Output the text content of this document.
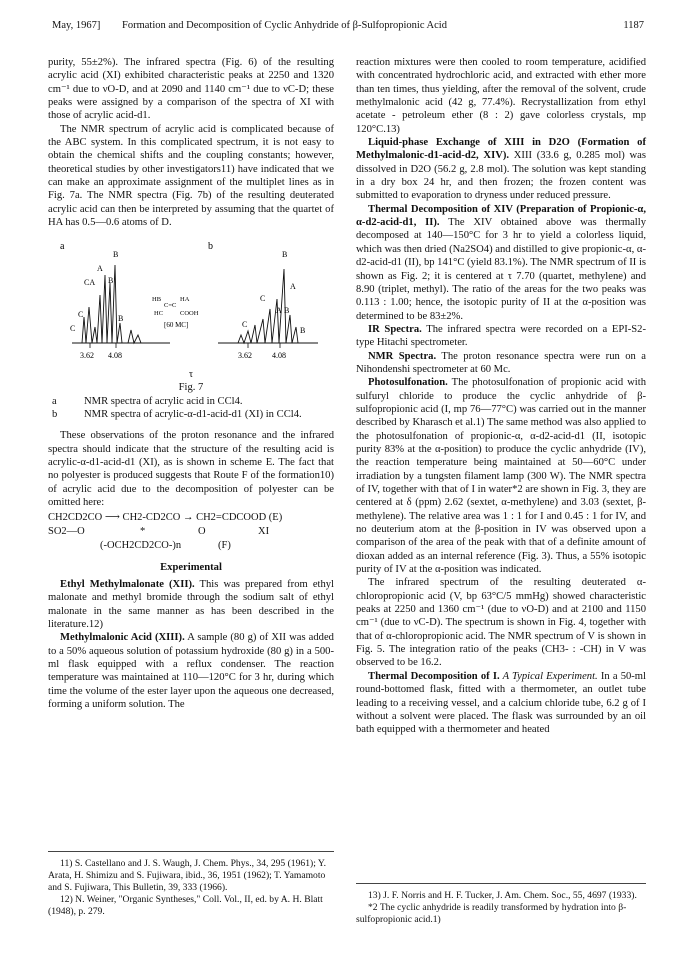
May, 1967] Formation and Decomposition of Cyclic Anhydride of β-Sulfopropionic Acid	1187

purity, 55±2%). The infrared spectra (Fig. 6) of the resulting acrylic acid (XI) exhibited characteristic peaks at 2250 and 1320 cm⁻¹ due to νO-D, and at 2090 and 1140 cm⁻¹ due to νC-D; these peaks were assigned by a comparison of the spectra of XI with those of acrylic acid-d1.

The NMR spectrum of acrylic acid is complicated because of the ABC system. In this complicated spectrum, it is not easy to obtain the chemical shifts and the coupling constants; however, theoretical studies by other investigators11) have indicated that we can make an approximate assignment of the multiplet lines as in Fig. 7a. The NMR spectra (Fig. 7b) of the resulting deuterated acrylic acid can then be interpreted by assuming that the quartet of HA has 0.5—0.6 atoms of D.

a	b
CA
A
B
B
C
C
B
HB
C=C
HA
HC	COOH
[60 MC]
B
A
C
A B
C
B
3.62 4.08	3.62	4.08
τ
Fig. 7
a	NMR spectra of acrylic acid in CCl4.
b	NMR spectra of acrylic-α-d1-acid-d1 (XI) in CCl4.

These observations of the proton resonance and the infrared spectra should indicate that the structure of the resulting acid is acrylic-α-d1-acid-d1 (XI), as is shown in scheme E. The fact that no polyester is produced suggests that Route F of the formation10) of acrylic acid due to the decomposition of polyester can be omitted here:

CH2CD2CO ⟶ CH2-CD2CO → CH2=CDCOOD (E)
SO2—O	*	O	XI
(-OCH2CD2CO-)n	(F)
Experimental

Ethyl Methylmalonate (XII). This was prepared from ethyl malonate and methyl bromide through the sodium salt of ethyl malonate in the same manner as has been described in the literature.12)

Methylmalonic Acid (XIII). A sample (80 g) of XII was added to a 50% aqueous solution of potassium hydroxide (80 g) in a 500-ml flask equipped with a reflux condenser. The reaction temperature was maintained at 110—120°C for 3 hr, during which time the volume of the ester layer upon the aqueous one decreased, forming a uniform solution. The

11) S. Castellano and J. S. Waugh, J. Chem. Phys., 34, 295 (1961); Y. Arata, H. Shimizu and S. Fujiwara, ibid., 36, 1951 (1962); T. Yamamoto and S. Fujiwara, This Bulletin, 39, 333 (1966).

12) N. Weiner, "Organic Syntheses," Coll. Vol., II, ed. by A. H. Blatt (1948), p. 279.

reaction mixtures were then cooled to room temperature, acidified with concentrated hydrochloric acid, and extracted with ether more than ten times, thus yielding, after the removal of the solvent, crude methylmalonic acid (42 g, 77.4%). Recrystallization from ethyl acetate - petroleum ether (8 : 2) gave colorless crystals, mp 120°C.13)

Liquid-phase Exchange of XIII in D2O (Formation of Methylmalonic-d1-acid-d2, XIV). XIII (33.6 g, 0.285 mol) was dissolved in D2O (56.2 g, 2.8 mol). The solution was kept standing in a dry box 24 hr, and then frozen; the frozen content was submitted to evaporation to dryness under reduced pressure.

Thermal Decomposition of XIV (Preparation of Propionic-α, α-d2-acid-d1, II). The XIV obtained above was thermally decomposed at 140—150°C for 3 hr to yield a colorless liquid, which was then dried (Na2SO4) and distilled to give propionic-α, α-d2-acid-d1 (II), bp 141°C (yield 83.1%). The NMR spectrum of II is shown as Fig. 2; it is centered at τ 7.70 (quartet, methylene) and 8.90 (triplet, methyl). The ratio of the areas for the two peaks was 0.113 : 1.00; hence, the isotopic purity of II at the α-position was determined to be 83±2%.

IR Spectra. The infrared spectra were recorded on a EPI-S2-type Hitachi spectrometer.

NMR Spectra. The proton resonance spectra were run on a Nihondenshi spectrometer at 60 Mc.

Photosulfonation. The photosulfonation of propionic acid with sulfuryl chloride to produce the cyclic anhydride of β-sulfopropionic acid (I, mp 76—77°C) was carried out in the manner described by Kharasch et al.1) The same method was also applied to the photosulfonation of propionic-α, α-d2-acid-d1 (II, isotopic purity 83% at the α-position) to produce the cyclic anhydride (IV), the reaction temperature being maintained at 50—60°C under irradiation by a tungsten filament lamp (300 W). The NMR spectra of IV, together with that of I in water*2 are shown in Fig. 3, they are centered at δ (ppm) 2.62 (sextet, α-methylene) and 3.03 (sextet, β-methylene). The relative area was 1 : 1 for I and 0.45 : 1 for IV, and no deuterium atom at the β-position in IV was observed upon a comparison of the area of the peak with that of a definite amount of dioxan added as an internal reference (Fig. 3). Thus, a 55% isotopic purity of IV at the α-position was indicated.

The infrared spectrum of the resulting deuterated α-chloropropionic acid (V, bp 63°C/5 mmHg) showed characteristic peaks at 2250 and 1360 cm⁻¹ (due to νO-D) and at 2100 and 1150 cm⁻¹ (due to νC-D). The spectrum is shown in Fig. 4, together with that of α-chloropropionic acid. The NMR spectrum of V is shown in Fig. 5. The integration ratio of the peaks (CH3- : -CH) in V was observed to be 16.2.

Thermal Decomposition of I. A Typical Experiment. In a 50-ml round-bottomed flask, fitted with a thermometer, an outlet tube leading to a receiving vessel, and a calcium chloride tube, 6.2 g of I without a solvent were placed. The flask was surrounded by an oil bath equipped with a thermometer and heated

13) J. F. Norris and H. F. Tucker, J. Am. Chem. Soc., 55, 4697 (1933).

*2 The cyclic anhydride is readily transformed by hydration into β-sulfopropionic acid.1)
